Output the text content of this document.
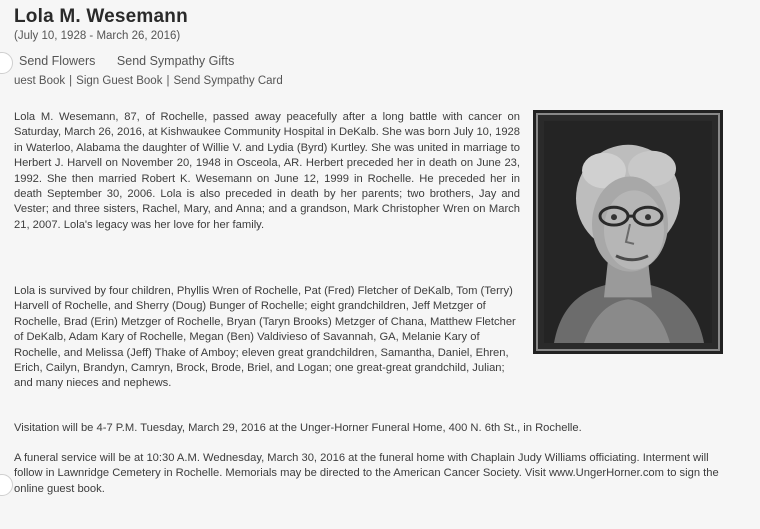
Lola M. Wesemann
(July 10, 1928 - March 26, 2016)
Send Flowers Send Sympathy Gifts
uest Book | Sign Guest Book | Send Sympathy Card

Lola M. Wesemann, 87, of Rochelle, passed away peacefully after a long battle with cancer on Saturday, March 26, 2016, at Kishwaukee Community Hospital in DeKalb. She was born July 10, 1928 in Waterloo, Alabama the daughter of Willie V. and Lydia (Byrd) Kurtley. She was united in marriage to Herbert J. Harvell on November 20, 1948 in Osceola, AR. Herbert preceded her in death on June 23, 1992. She then married Robert K. Wesemann on June 12, 1999 in Rochelle. He preceded her in death September 30, 2006. Lola is also preceded in death by her parents; two brothers, Jay and Vester; and three sisters, Rachel, Mary, and Anna; and a grandson, Mark Christopher Wren on March 21, 2007. Lola's legacy was her love for her family.

Lola is survived by four children, Phyllis Wren of Rochelle, Pat (Fred) Fletcher of DeKalb, Tom (Terry) Harvell of Rochelle, and Sherry (Doug) Bunger of Rochelle; eight grandchildren, Jeff Metzger of Rochelle, Brad (Erin) Metzger of Rochelle, Bryan (Taryn Brooks) Metzger of Chana, Matthew Fletcher of DeKalb, Adam Kary of Rochelle, Megan (Ben) Valdivieso of Savannah, GA, Melanie Kary of Rochelle, and Melissa (Jeff) Thake of Amboy; eleven great grandchildren, Samantha, Daniel, Ehren, Erich, Cailyn, Brandyn, Camryn, Brock, Brode, Briel, and Logan; one great-great grandchild, Julian; and many nieces and nephews.

Visitation will be 4-7 P.M. Tuesday, March 29, 2016 at the Unger-Horner Funeral Home, 400 N. 6th St., in Rochelle.

A funeral service will be at 10:30 A.M. Wednesday, March 30, 2016 at the funeral home with Chaplain Judy Williams officiating. Interment will follow in Lawnridge Cemetery in Rochelle. Memorials may be directed to the American Cancer Society. Visit www.UngerHorner.com to sign the online guest book.
